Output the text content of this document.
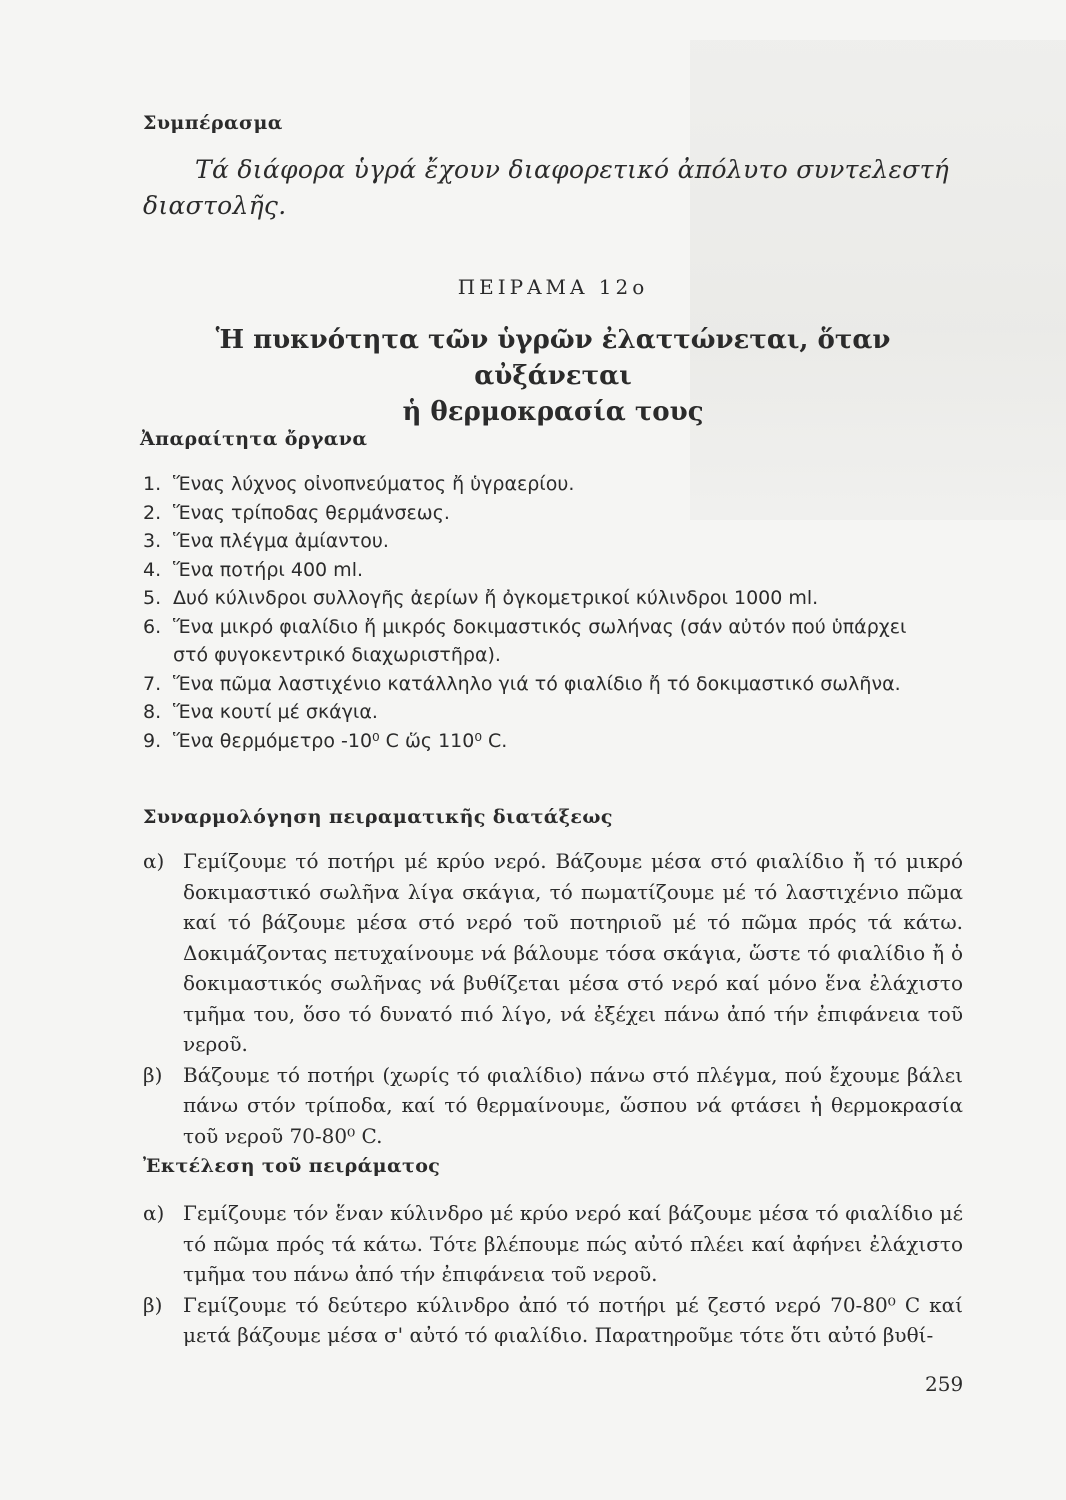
Συμπέρασμα

Τά διάφορα ὑγρά ἔχουν διαφορετικό ἀπόλυτο συντελεστή διαστολῆς.

ΠΕΙΡΑΜΑ 12ο
Ἡ πυκνότητα τῶν ὑγρῶν ἐλαττώνεται, ὅταν αὐξάνεται
ἡ θερμοκρασία τους
Ἀπαραίτητα ὄργανα
1. Ἕνας λύχνος οἰνοπνεύματος ἤ ὑγραερίου.
2. Ἕνας τρίποδας θερμάνσεως.
3. Ἕνα πλέγμα ἀμίαντου.
4. Ἕνα ποτήρι 400 ml.
5. Δυό κύλινδροι συλλογῆς ἀερίων ἤ ὀγκομετρικοί κύλινδροι 1000 ml.
6. Ἕνα μικρό φιαλίδιο ἤ μικρός δοκιμαστικός σωλήνας (σάν αὐτόν πού ὑπάρχει
στό φυγοκεντρικό διαχωριστῆρα).
7. Ἕνα πῶμα λαστιχένιο κατάλληλο γιά τό φιαλίδιο ἤ τό δοκιμαστικό σωλῆνα.
8. Ἕνα κουτί μέ σκάγια.
9. Ἕνα θερμόμετρο -10⁰ C ὥς 110⁰ C.
Συναρμολόγηση πειραματικῆς διατάξεως
α) Γεμίζουμε τό ποτήρι μέ κρύο νερό. Βάζουμε μέσα στό φιαλίδιο ἤ τό μικρό δοκιμαστικό σωλῆνα λίγα σκάγια, τό πωματίζουμε μέ τό λαστιχένιο πῶμα καί τό βάζουμε μέσα στό νερό τοῦ ποτηριοῦ μέ τό πῶμα πρός τά κάτω. Δοκιμάζοντας πετυχαίνουμε νά βάλουμε τόσα σκάγια, ὥστε τό φιαλίδιο ἤ ὁ δοκιμαστικός σωλῆνας νά βυθίζεται μέσα στό νερό καί μόνο ἕνα ἐλάχιστο τμῆμα του, ὅσο τό δυνατό πιό λίγο, νά ἐξέχει πάνω ἀπό τήν ἐπιφάνεια τοῦ νεροῦ.
β)	Βάζουμε τό ποτήρι (χωρίς τό φιαλίδιο) πάνω στό πλέγμα, πού ἔχουμε βάλει πάνω στόν τρίποδα, καί τό θερμαίνουμε, ὥσπου νά φτάσει ἡ θερμοκρασία τοῦ νεροῦ 70-80⁰ C.
Ἐκτέλεση τοῦ πειράματος
α) Γεμίζουμε τόν ἕναν κύλινδρο μέ κρύο νερό καί βάζουμε μέσα τό φιαλίδιο μέ τό πῶμα πρός τά κάτω. Τότε βλέπουμε πώς αὐτό πλέει καί ἀφήνει ἐλάχιστο τμῆμα του πάνω ἀπό τήν ἐπιφάνεια τοῦ νεροῦ.
β)	Γεμίζουμε τό δεύτερο κύλινδρο ἀπό τό ποτήρι μέ ζεστό νερό 70-80⁰ C καί μετά βάζουμε μέσα σ' αὐτό τό φιαλίδιο. Παρατηροῦμε τότε ὅτι αὐτό βυθί-
259
